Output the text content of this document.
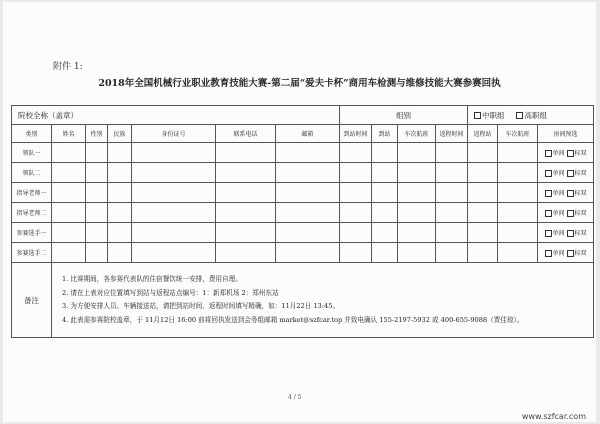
附件 1:
2018年全国机械行业职业教育技能大赛-第二届“爱夫卡杯”商用车检测与维修技能大赛参赛回执
院校全称（盖章）							组别				中职组 高职组		
类别	姓名	性别	民族	身份证号	联系电话	邮箱	到站时间	到站	车次航班	返程时间	返程站	车次航班	房间预选
领队一													单间 标双
领队二													单间 标双
指导老师一													单间 标双
指导老师二													单间 标双
参赛选手一													单间 标双
参赛选手二													单间 标双
备注	1. 比赛期间，各参赛代表队的住宿餐饮统一安排，费用自理。
2. 请在上表对应位置填写到站与返程站点编号：1：新郑机场 2：郑州东站
3. 为方便安排人员、车辆接送站，请把到站时间、返程时间填写精确，如：11月22日 13:45。
4. 此表需参赛院校盖章，于 11月12日 16:00 前将回执发送到会务组邮箱 market@szfcar.top 并致电确认 155-2197-5932 或 400-655-9088（贾佳琼）。												
4 / 5
www.szfcar.com
